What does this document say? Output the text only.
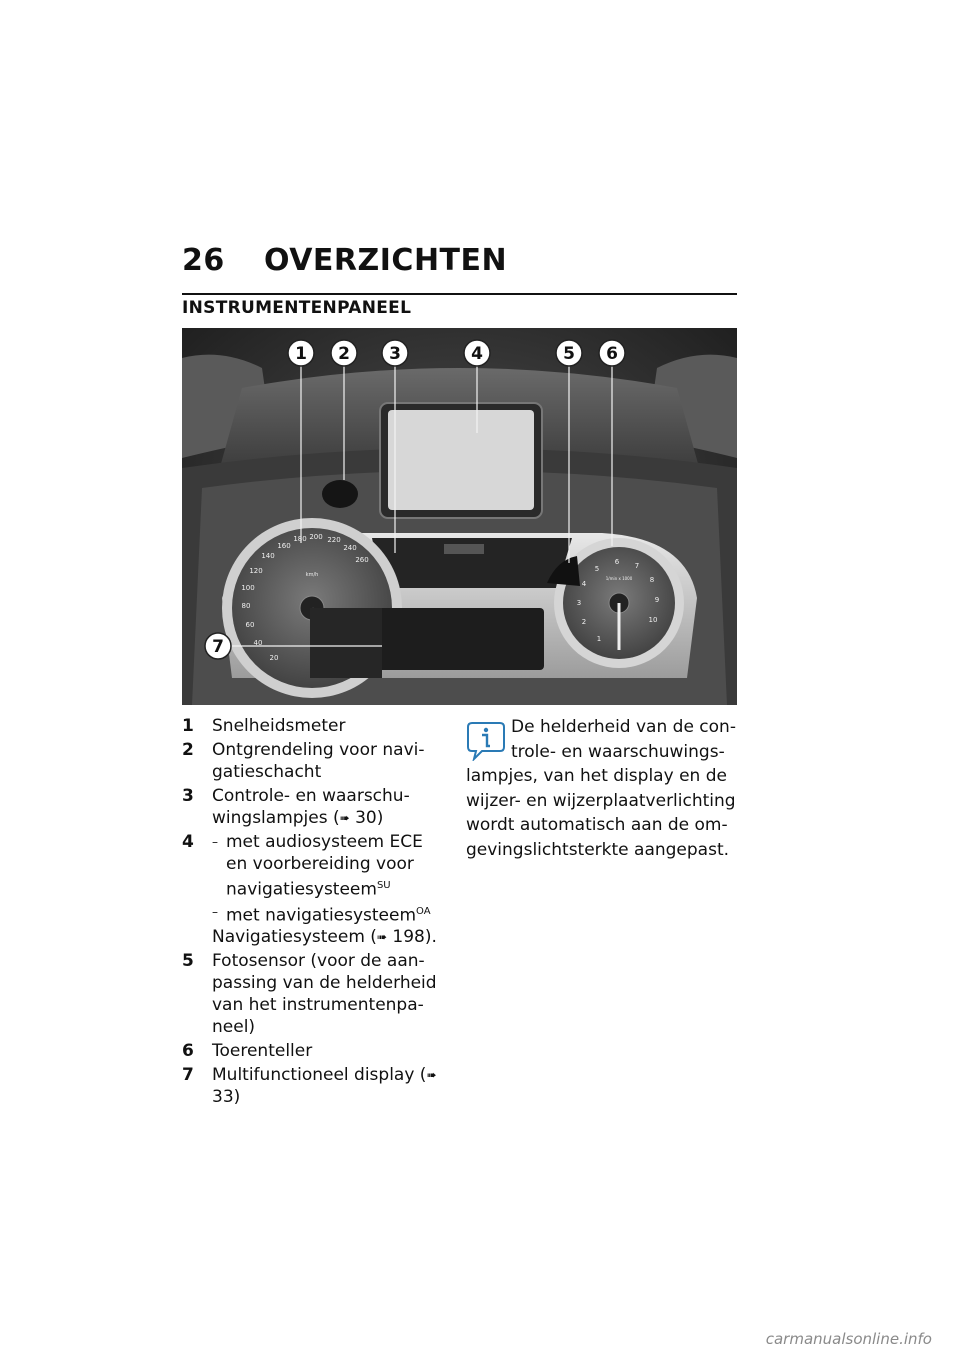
26 OVERZICHTEN
INSTRUMENTENPANEEL
20
40
60
80
100
120
140
160
180 200 220
240
260
km/h
1
2
3
4
5
6 7
8
9
10
1/min x 1000
1 2 3	4	5 6
7
1 Snelheidsmeter
2 Ontgrendeling voor navi-gatieschacht
3 Controle- en waarschu-wingslampjes (➠ 30)
4
–	met audiosysteem ECE en voorbereiding voor navigatiesysteem$^{SU}$
– met navigatiesysteem$^{OA}$
Navigatiesysteem (➠ 198).
5 Fotosensor (voor de aan-passing van de helderheid van het instrumentenpa-neel)
6 Toerenteller
7 Multifunctioneel display (➠ 33)
De helderheid van de con-trole- en waarschuwings-
lampjes, van het display en de wijzer- en wijzerplaatverlichting wordt automatisch aan de om-gevingslichtsterkte aangepast.
carmanualsonline.info
